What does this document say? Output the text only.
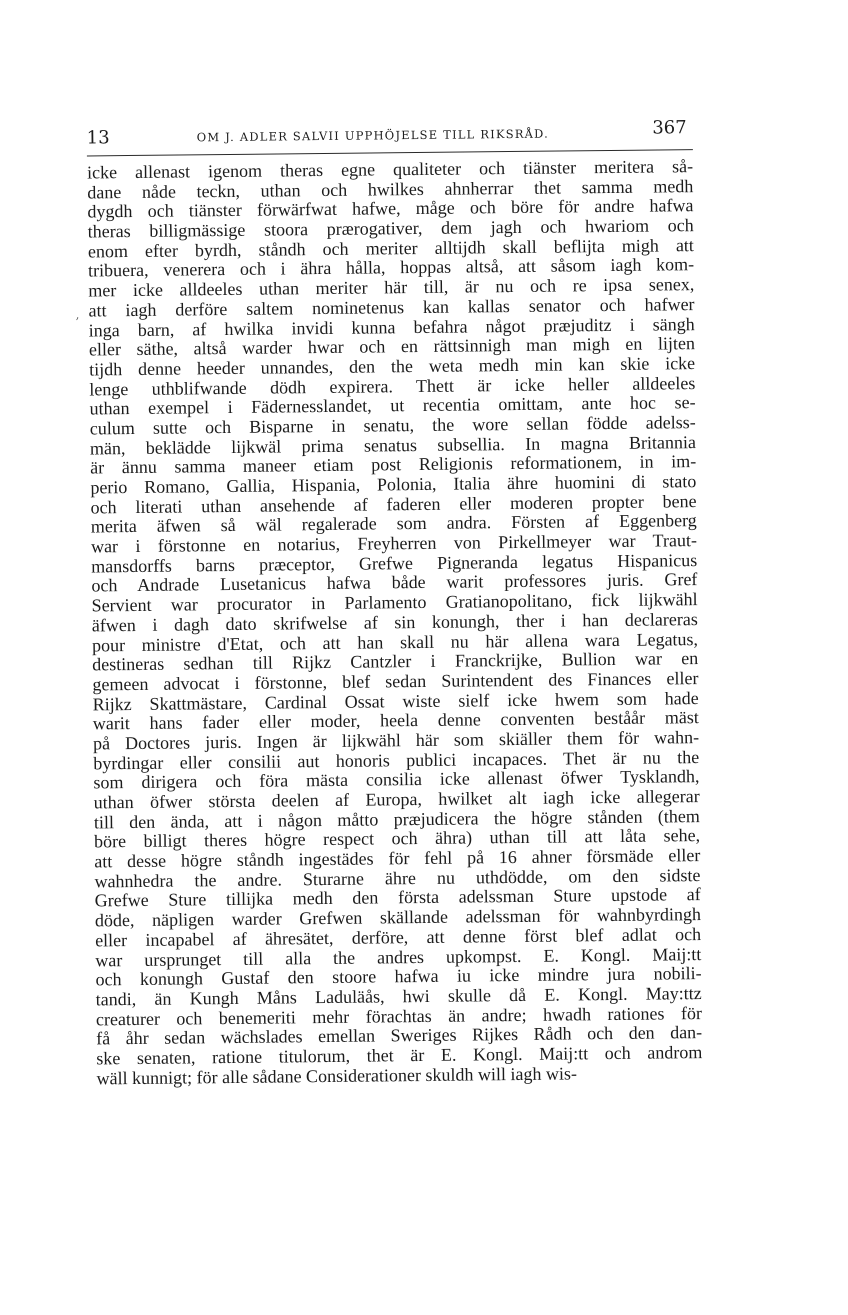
13	OM J. ADLER SALVII UPPHÖJELSE TILL RIKSRÅD.	367
,
icke allenast igenom theras egne qualiteter och tiänster meritera så-
dane nåde teckn, uthan och hwilkes ahnherrar thet samma medh
dygdh och tiänster förwärfwat hafwe, måge och böre för andre hafwa
theras billigmässige stoora prærogativer, dem jagh och hwariom och
enom efter byrdh, ståndh och meriter alltijdh skall beflijta migh att
tribuera, venerera och i ähra hålla, hoppas altså, att såsom iagh kom-
mer icke alldeeles uthan meriter här till, är nu och re ipsa senex,
att iagh derföre saltem nominetenus kan kallas senator och hafwer
inga barn, af hwilka invidi kunna befahra något præjuditz i sängh
eller säthe, altså warder hwar och en rättsinnigh man migh en lijten
tijdh denne heeder unnandes, den the weta medh min kan skie icke
lenge uthblifwande dödh expirera. Thett är icke heller alldeeles
uthan exempel i Fädernesslandet, ut recentia omittam, ante hoc se-
culum sutte och Bisparne in senatu, the wore sellan födde adelss-
män, beklädde lijkwäl prima senatus subsellia. In magna Britannia
är ännu samma maneer etiam post Religionis reformationem, in im-
perio Romano, Gallia, Hispania, Polonia, Italia ähre huomini di stato
och literati uthan ansehende af faderen eller moderen propter bene
merita äfwen så wäl regalerade som andra. Försten af Eggenberg
war i förstonne en notarius, Freyherren von Pirkellmeyer war Traut-
mansdorffs barns præceptor, Grefwe Pigneranda legatus Hispanicus
och Andrade Lusetanicus hafwa både warit professores juris. Gref
Servient war procurator in Parlamento Gratianopolitano, fick lijkwähl
äfwen i dagh dato skrifwelse af sin konungh, ther i han declareras
pour ministre d'Etat, och att han skall nu här allena wara Legatus,
destineras sedhan till Rijkz Cantzler i Franckrijke, Bullion war en
gemeen advocat i förstonne, blef sedan Surintendent des Finances eller
Rijkz Skattmästare, Cardinal Ossat wiste sielf icke hwem som hade
warit hans fader eller moder, heela denne conventen beståår mäst
på Doctores juris. Ingen är lijkwähl här som skiäller them för wahn-
byrdingar eller consilii aut honoris publici incapaces. Thet är nu the
som dirigera och föra mästa consilia icke allenast öfwer Tysklandh,
uthan öfwer största deelen af Europa, hwilket alt iagh icke allegerar
till den ända, att i någon måtto præjudicera the högre stånden (them
böre billigt theres högre respect och ähra) uthan till att låta sehe,
att desse högre ståndh ingestädes för fehl på 16 ahner försmäde eller
wahnhedra the andre. Sturarne ähre nu uthdödde, om den sidste
Grefwe Sture tillijka medh den första adelssman Sture upstode af
döde, näpligen warder Grefwen skällande adelssman för wahnbyrdingh
eller incapabel af ähresätet, derföre, att denne först blef adlat och
war ursprunget till alla the andres upkompst. E. Kongl. Maij:tt
och konungh Gustaf den stoore hafwa iu icke mindre jura nobili-
tandi, än Kungh Måns Laduläås, hwi skulle då E. Kongl. May:ttz
creaturer och benemeriti mehr förachtas än andre; hwadh rationes för
få åhr sedan wächslades emellan Sweriges Rijkes Rådh och den dan-
ske senaten, ratione titulorum, thet är E. Kongl. Maij:tt och androm
wäll kunnigt; för alle sådane Considerationer skuldh will iagh wis-
